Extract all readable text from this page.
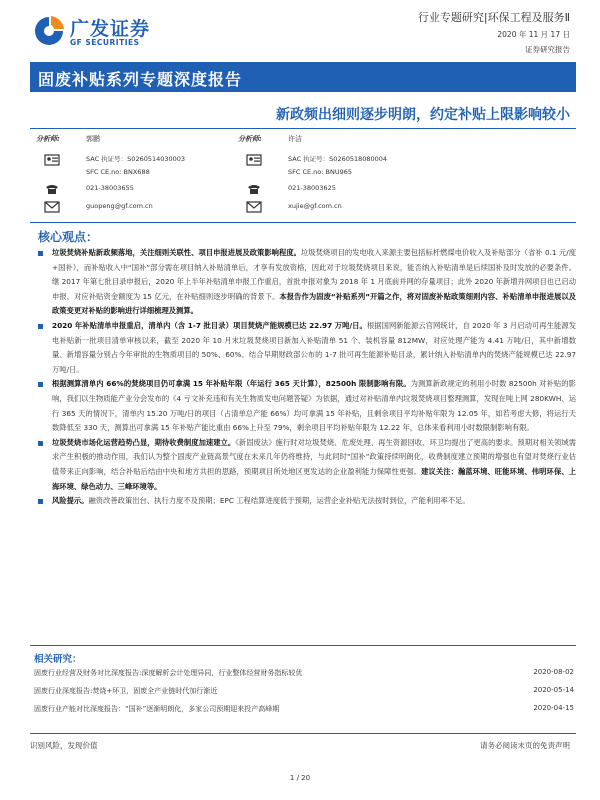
广发证券
GF SECURITIES
行业专题研究|环保工程及服务Ⅱ
2020 年 11 月 17 日
证券研究报告
固废补贴系列专题深度报告
新政频出细则逐步明朗，约定补贴上限影响较小
分析师:	郭鹏
SAC 执证号：S0260514030003
SFC CE.no: BNX688
021-38003655
guopeng@gf.com.cn
分析师:	许洁
SAC 执证号：S0260518080004
SFC CE.no: BNU965
021-38003625
xujie@gf.com.cn
核心观点：
垃圾焚烧补贴新政频落地，关注细则关联性、项目申报进展及政策影响程度。垃圾焚烧项目的发电收入来源主要包括标杆燃煤电价收入及补贴部分（省补 0.1 元/度+国补），而补贴收入中“国补”部分需在项目纳入补贴清单后，才享有发放资格，因此对于垃圾焚烧项目来说，能否纳入补贴清单是后续国补及时发放的必要条件。继 2017 年第七批目录申报后，2020 年上半年补贴清单申报工作重启，首批申报对象为 2018 年 1 月底前并网的存量项目；此外 2020 年新增并网项目也已启动申报，对应补贴资金额度为 15 亿元，在补贴细则逐步明确的背景下。本报告作为固废“补贴系列”开篇之作，将对固废补贴政策细则内容、补贴清单申报进展以及政策变更对补贴的影响进行详细梳理及测算。
2020 年补贴清单申报重启，清单内（含 1-7 批目录）项目焚烧产能规模已达 22.97 万吨/日。根据国网新能源云官网统计，自 2020 年 3 月启动可再生能源发电补贴新一批项目清单审核以来，截至 2020 年 10 月末垃圾焚烧项目新加入补贴清单 51 个、装机容量 812MW，对应处理产能为 4.41 万吨/日，其中新增数量、新增容量分别占今年审批的生物质项目的 50%、60%。结合早期财政部公布的 1-7 批可再生能源补贴目录，累计纳入补贴清单内的焚烧产能规模已达 22.97 万吨/日。
根据测算清单内 66%的焚烧项目仍可拿满 15 年补贴年限（年运行 365 天计算），82500h 限制影响有限。为测算新政规定的利用小时数 82500h 对补贴的影响，我们以生物质能产业分会发布的《4 亏文补充违和有关生物质发电问题答疑》为依据，通过对补贴清单内垃圾焚烧项目整理测算，发现在吨上网 280KWH、运行 365 天的情况下，清单内 15.20 万吨/日的项目（占清单总产能 66%）均可拿满 15 年补贴，且剩余项目平均补贴年限为 12.05 年，如若考虑大修，将运行天数降低至 330 天，测算出可拿满 15 年补贴产能比重由 66%上升至 79%，剩余项目平均补贴年限为 12.22 年，总体来看利用小时数限制影响有限。
垃圾焚烧市场化运营趋势凸显，期待收费制度加速建立。《新固废法》施行时对垃圾焚烧、危废处理、再生资源回收、环卫均提出了更高的要求。预期对相关领域需求产生积极的推动作用，我们认为整个固废产业链高景气度在未来几年仍将维持，与此同时“国补”政策持续明朗化，收费制度建立预期的增强也有望对焚烧行业估值带来正向影响，结合补贴后结由中央和地方共担的思路，预期项目所处地区更发达的企业盈利能力保障性更强。建议关注：瀚蓝环境、旺能环境、伟明环保、上海环境、绿色动力、三峰环境等。
风险提示。融资改善政策出台、执行力度不及预期；EPC 工程结算进度低于预期，运营企业补贴无法按时到位，产能利用率不足。
相关研究：
固废行业经营及财务对比深度报告:深度解析会计处理异同，行业整体经营财务指标较优	2020-08-02
固废行业深度报告:焚烧+环卫，固废全产业链时代加行渐近	2020-05-14
固废行业产能对比深度报告：“国补”逐渐明朗化，多家公司预期迎来投产高峰期	2020-04-15
识别风险，发现价值	请务必阅读末页的免责声明
1 / 20
